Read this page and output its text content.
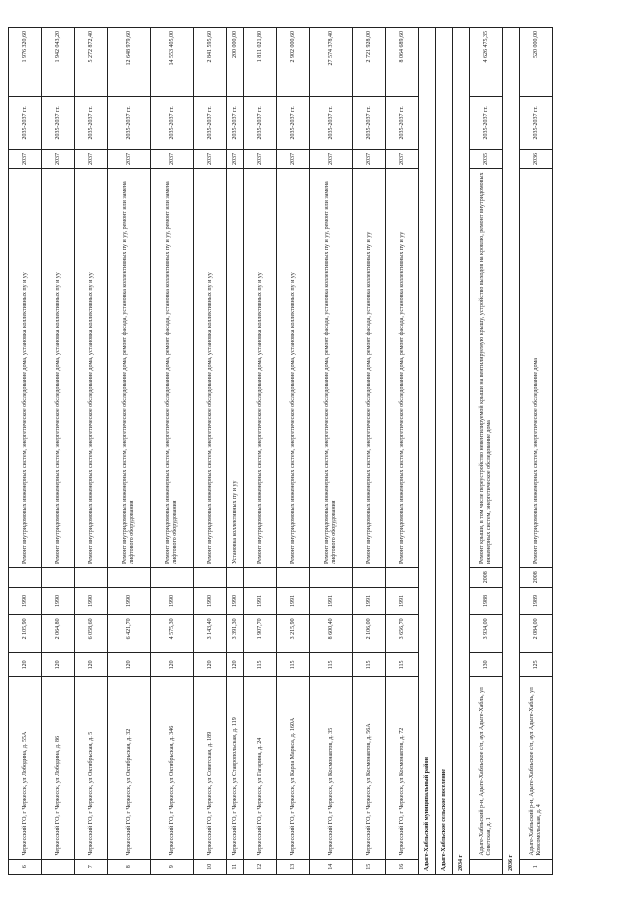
6	Черкесский ГО, г Черкесск, ул Лободина, д. 55А	120	2 105,90	1990		Ремонт внутридомовых инженерных систем, энергетическое обследование дома, установка коллективных пу и уу	2037	2035-2037 гг.	1 976 320,60
	Черкесский ГО, г Черкесск, ул Лободина, д. 86	120	2 064,80	1990		Ремонт внутридомовых инженерных систем, энергетическое обследование дома, установка коллективных пу и уу	2037	2035-2037 гг.	1 942 043,20
7	Черкесский ГО, г Черкесск, ул Октябрьская, д. 5	120	6 058,60	1990		Ремонт внутридомовых инженерных систем, энергетическое обследование дома, установка коллективных пу и уу	2037	2035-2037 гг.	5 272 872,40
8	Черкесский ГО, г Черкесск, ул Октябрьская, д. 32	120	6 421,70	1990		Ремонт внутридомовых инженерных систем, энергетическое обследование дома, ремонт фасада, установка коллективных пу и уу, ремонт или замена лифтового оборудования	2037	2035-2037 гг.	12 648 979,60
9	Черкесский ГО, г Черкесск, ул Октябрьская, д. 346	120	4 575,30	1990		Ремонт внутридомовых инженерных систем, энергетическое обследование дома, ремонт фасада, установка коллективных пу и уу, ремонт или замена лифтового оборудования	2037	2035-2037 гг.	14 553 405,00
10	Черкесский ГО, г Черкесск, ул Советская, д. 189	120	3 143,40	1990		Ремонт внутридомовых инженерных систем, энергетическое обследование дома, установка коллективных пу и уу	2037	2035-2037 гг.	2 841 595,60
11	Черкесский ГО, г Черкесск, ул Ставропольская, д. 119	120	3 391,30	1990		Установка коллективных пу и уу	2037	2035-2037 гг.	200 000,00
12	Черкесский ГО, г Черкесск, ул Гагарина, д. 24	115	1 907,70	1991		Ремонт внутридомовых инженерных систем, энергетическое обследование дома, установка коллективных пу и уу	2037	2035-2037 гг.	1 811 021,80
13	Черкесский ГО, г Черкесск, ул Карла Маркса, д. 160А	115	3 215,90	1991		Ремонт внутридомовых инженерных систем, энергетическое обследование дома, установка коллективных пу и уу	2037	2035-2037 гг.	2 902 000,60
14	Черкесский ГО, г Черкесск, ул Космонавтов, д. 35	115	8 600,40	1991		Ремонт внутридомовых инженерных систем, энергетическое обследование дома, ремонт фасада, установка коллективных пу и уу, ремонт или замена лифтового оборудования	2037	2035-2037 гг.	27 574 378,40
15	Черкесский ГО, г Черкесск, ул Космонавтов, д. 56А	115	2 106,00	1991		Ремонт внутридомовых инженерных систем, энергетическое обследование дома, ремонт фасада, установка коллективных пу и уу	2037	2035-2037 гг.	2 721 928,00
16	Черкесский ГО, г Черкесск, ул Космонавтов, д. 72	115	3 656,70	1991		Ремонт внутридомовых инженерных систем, энергетическое обследование дома, ремонт фасада, установка коллективных пу и уу	2037	2035-2037 гг.	8 064 689,60
Адыге-Хабльский муниципальный район									
Адыге-Хабльское сельское поселение									
2034 г									
	Адыге-Хабльский р-н, Адыге-Хабльское с/п, аул Адыге-Хабль, ул Советская, д. 1	130	3 934,00	1988	2008	Ремонт крыши, в том числе переустройство невентилируемой крыши на вентилируемую крышу, устройство выходов на кровлю, ремонт внутридомовых инженерных систем, энергетическое обследование дома	2035	2035-2037 гг.	4 626 475,35
2036 г									
1	Адыге-Хабльский р-н, Адыге-Хабльское с/п, аул Адыге-Хабль, ул Комсомольская, д. 4	125	2 084,00	1989	2008	Ремонт внутридомовых инженерных систем, энергетическое обследование дома	2036	2035-2037 гг.	520 000,00
